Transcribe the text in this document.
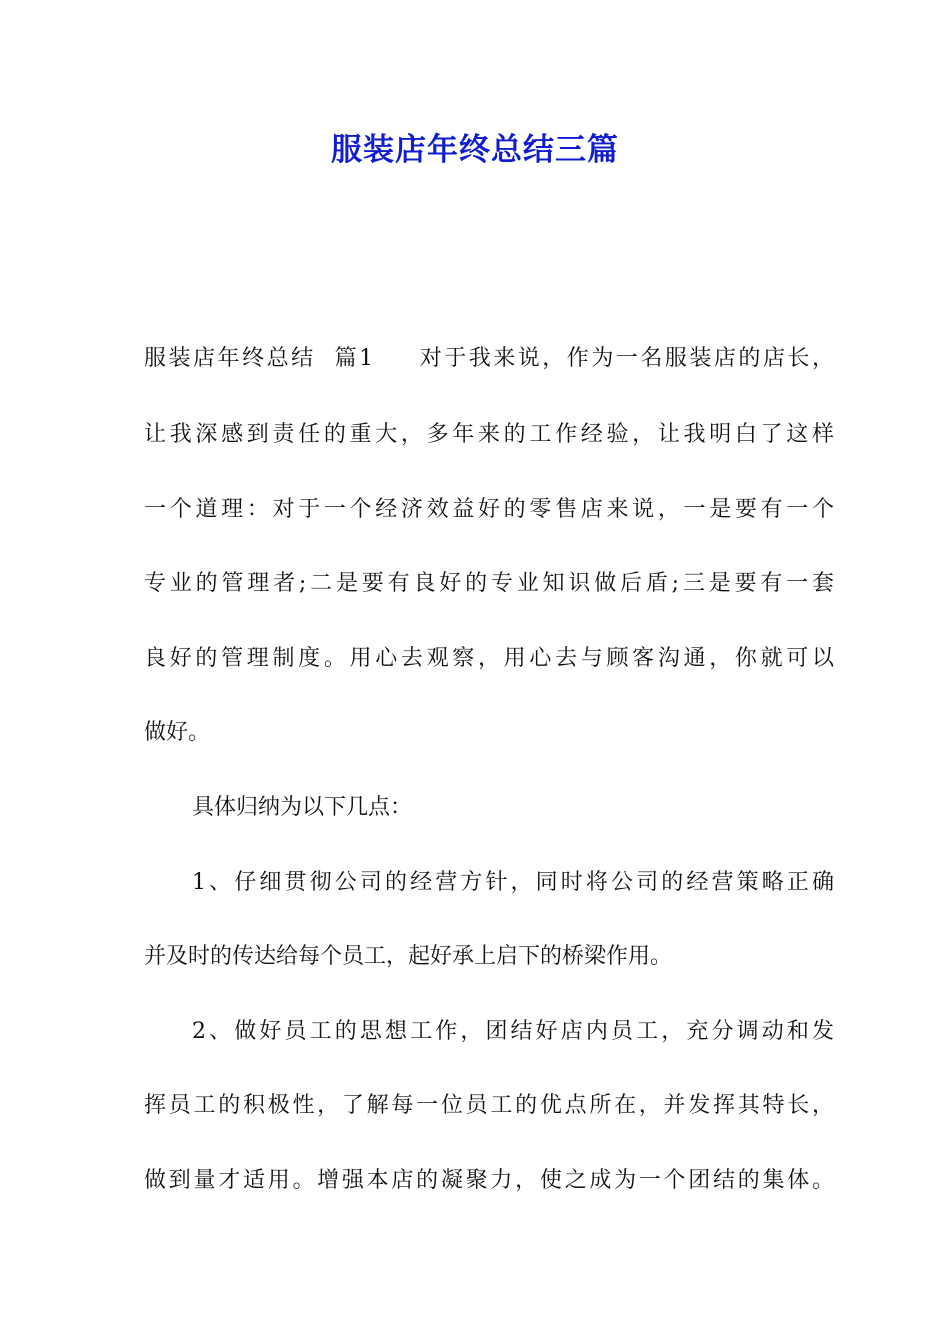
服装店年终总结三篇
服装店年终总结  篇1 对于我来说，作为一名服装店的店长，
让我深感到责任的重大，多年来的工作经验，让我明白了这样
一个道理：对于一个经济效益好的零售店来说，一是要有一个
专业的管理者;二是要有良好的专业知识做后盾;三是要有一套
良好的管理制度。用心去观察，用心去与顾客沟通，你就可以
做好。
具体归纳为以下几点：
1、仔细贯彻公司的经营方针，同时将公司的经营策略正确
并及时的传达给每个员工，起好承上启下的桥梁作用。
2、做好员工的思想工作，团结好店内员工，充分调动和发
挥员工的积极性，了解每一位员工的优点所在，并发挥其特长，
做到量才适用。增强本店的凝聚力，使之成为一个团结的集体。
